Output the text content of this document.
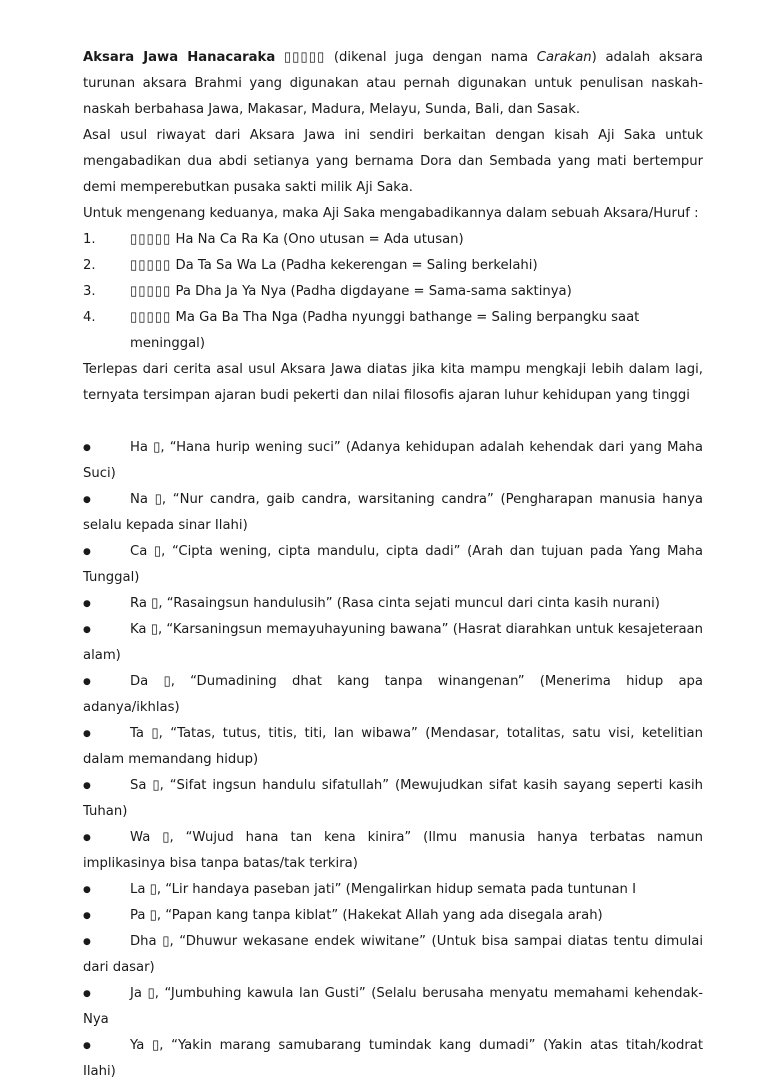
Aksara Jawa Hanacaraka ▯▯▯▯▯ (dikenal juga dengan nama Carakan) adalah aksara turunan aksara Brahmi yang digunakan atau pernah digunakan untuk penulisan naskah-naskah berbahasa Jawa, Makasar, Madura, Melayu, Sunda, Bali, dan Sasak.

Asal usul riwayat dari Aksara Jawa ini sendiri berkaitan dengan kisah Aji Saka untuk mengabadikan dua abdi setianya yang bernama Dora dan Sembada yang mati bertempur demi memperebutkan pusaka sakti milik Aji Saka.

Untuk mengenang keduanya, maka Aji Saka mengabadikannya dalam sebuah Aksara/Huruf :

1.	▯▯▯▯▯ Ha Na Ca Ra Ka (Ono utusan = Ada utusan)
2.	▯▯▯▯▯ Da Ta Sa Wa La (Padha kekerengan = Saling berkelahi)
3.	▯▯▯▯▯ Pa Dha Ja Ya Nya (Padha digdayane = Sama-sama saktinya)
4.	▯▯▯▯▯ Ma Ga Ba Tha Nga (Padha nyunggi bathange = Saling berpangku saat meninggal)

Terlepas dari cerita asal usul Aksara Jawa diatas jika kita mampu mengkaji lebih dalam lagi, ternyata tersimpan ajaran budi pekerti dan nilai filosofis ajaran luhur kehidupan yang tinggi

●	Ha ▯, “Hana hurip wening suci” (Adanya kehidupan adalah kehendak dari yang Maha Suci)
●	Na ▯, “Nur candra, gaib candra, warsitaning candra” (Pengharapan manusia hanya selalu kepada sinar Ilahi)
●	Ca ▯, “Cipta wening, cipta mandulu, cipta dadi” (Arah dan tujuan pada Yang Maha Tunggal)
●	Ra ▯, “Rasaingsun handulusih” (Rasa cinta sejati muncul dari cinta kasih nurani)
●	Ka ▯, “Karsaningsun memayuhayuning bawana” (Hasrat diarahkan untuk kesajeteraan alam)
●	Da ▯, “Dumadining dhat kang tanpa winangenan” (Menerima hidup apa adanya/ikhlas)
●	Ta ▯, “Tatas, tutus, titis, titi, lan wibawa” (Mendasar, totalitas, satu visi, ketelitian dalam memandang hidup)
●	Sa ▯, “Sifat ingsun handulu sifatullah” (Mewujudkan sifat kasih sayang seperti kasih Tuhan)
●	Wa ▯, “Wujud hana tan kena kinira” (Ilmu manusia hanya terbatas namun implikasinya bisa tanpa batas/tak terkira)
●	La ▯, “Lir handaya paseban jati” (Mengalirkan hidup semata pada tuntunan I
●	Pa ▯, “Papan kang tanpa kiblat” (Hakekat Allah yang ada disegala arah)
●	Dha ▯, “Dhuwur wekasane endek wiwitane” (Untuk bisa sampai diatas tentu dimulai dari dasar)
●	Ja ▯, “Jumbuhing kawula lan Gusti” (Selalu berusaha menyatu memahami kehendak-Nya
●	Ya ▯, “Yakin marang samubarang tumindak kang dumadi” (Yakin atas titah/kodrat Ilahi)
